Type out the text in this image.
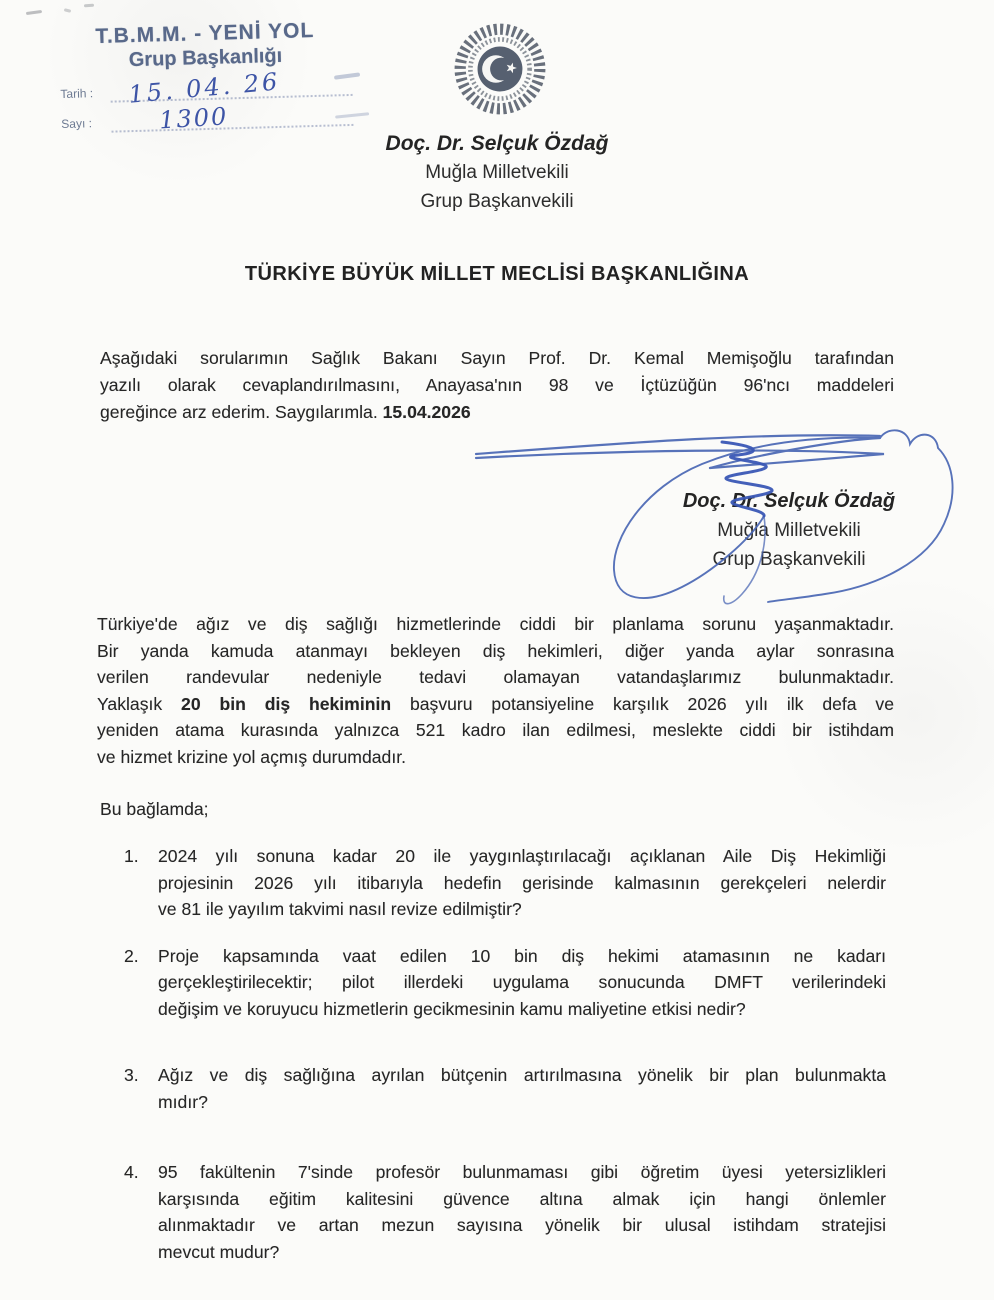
T.B.M.M. - YENİ YOL
Grup Başkanlığı
Tarih :	15. 04. 26
Sayı :	1300
Doç. Dr. Selçuk Özdağ
Muğla Milletvekili
Grup Başkanvekili
TÜRKİYE BÜYÜK MİLLET MECLİSİ BAŞKANLIĞINA
Aşağıdaki sorularımın Sağlık Bakanı Sayın Prof. Dr. Kemal Memişoğlu tarafından
yazılı olarak cevaplandırılmasını, Anayasa'nın 98 ve İçtüzüğün 96'ncı maddeleri
gereğince arz ederim. Saygılarımla. 15.04.2026
Doç. Dr. Selçuk Özdağ
Muğla Milletvekili
Grup Başkanvekili
Türkiye'de ağız ve diş sağlığı hizmetlerinde ciddi bir planlama sorunu yaşanmaktadır.
Bir yanda kamuda atanmayı bekleyen diş hekimleri, diğer yanda aylar sonrasına
verilen randevular nedeniyle tedavi olamayan vatandaşlarımız bulunmaktadır.
Yaklaşık 20 bin diş hekiminin başvuru potansiyeline karşılık 2026 yılı ilk defa ve
yeniden atama kurasında yalnızca 521 kadro ilan edilmesi, meslekte ciddi bir istihdam
ve hizmet krizine yol açmış durumdadır.
Bu bağlamda;
1.	2024 yılı sonuna kadar 20 ile yaygınlaştırılacağı açıklanan Aile Diş Hekimliği
projesinin 2026 yılı itibarıyla hedefin gerisinde kalmasının gerekçeleri nelerdir
ve 81 ile yayılım takvimi nasıl revize edilmiştir?
2.	Proje kapsamında vaat edilen 10 bin diş hekimi atamasının ne kadarı
gerçekleştirilecektir; pilot illerdeki uygulama sonucunda DMFT verilerindeki
değişim ve koruyucu hizmetlerin gecikmesinin kamu maliyetine etkisi nedir?
3.	Ağız ve diş sağlığına ayrılan bütçenin artırılmasına yönelik bir plan bulunmakta
mıdır?
4.	95 fakültenin 7'sinde profesör bulunmaması gibi öğretim üyesi yetersizlikleri
karşısında eğitim kalitesini güvence altına almak için hangi önlemler
alınmaktadır ve artan mezun sayısına yönelik bir ulusal istihdam stratejisi
mevcut mudur?
